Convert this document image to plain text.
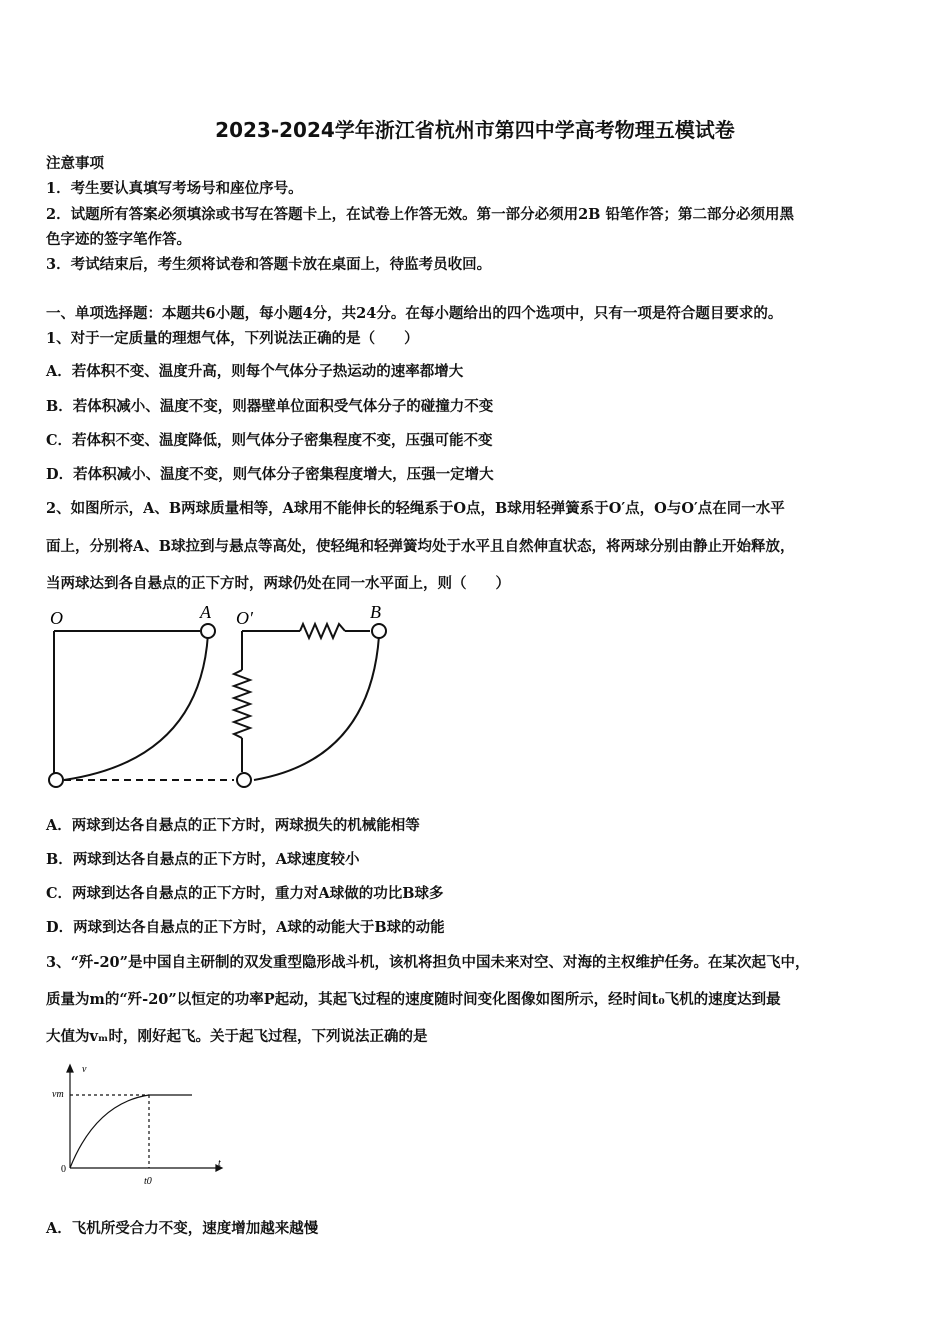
2023-2024学年浙江省杭州市第四中学高考物理五模试卷
注意事项
1．考生要认真填写考场号和座位序号。
2．试题所有答案必须填涂或书写在答题卡上，在试卷上作答无效。第一部分必须用2B 铅笔作答；第二部分必须用黑
色字迹的签字笔作答。
3．考试结束后，考生须将试卷和答题卡放在桌面上，待监考员收回。
一、单项选择题：本题共6小题，每小题4分，共24分。在每小题给出的四个选项中，只有一项是符合题目要求的。
1、对于一定质量的理想气体，下列说法正确的是（　　）
A．若体积不变、温度升高，则每个气体分子热运动的速率都增大
B．若体积减小、温度不变，则器壁单位面积受气体分子的碰撞力不变
C．若体积不变、温度降低，则气体分子密集程度不变，压强可能不变
D．若体积减小、温度不变，则气体分子密集程度增大，压强一定增大
2、如图所示，A、B两球质量相等，A球用不能伸长的轻绳系于O点，B球用轻弹簧系于O′点，O与O′点在同一水平
面上，分别将A、B球拉到与悬点等高处，使轻绳和轻弹簧均处于水平且自然伸直状态，将两球分别由静止开始释放，
当两球达到各自悬点的正下方时，两球仍处在同一水平面上，则（　　）
O	A O′	B
A．两球到达各自悬点的正下方时，两球损失的机械能相等
B．两球到达各自悬点的正下方时，A球速度较小
C．两球到达各自悬点的正下方时，重力对A球做的功比B球多
D．两球到达各自悬点的正下方时，A球的动能大于B球的动能
3、“歼-20”是中国自主研制的双发重型隐形战斗机，该机将担负中国未来对空、对海的主权维护任务。在某次起飞中，
质量为m的“歼-20”以恒定的功率P起动，其起飞过程的速度随时间变化图像如图所示，经时间t₀飞机的速度达到最
大值为vₘ时，刚好起飞。关于起飞过程，下列说法正确的是
v
t
0
vm
t0
A．飞机所受合力不变，速度增加越来越慢
